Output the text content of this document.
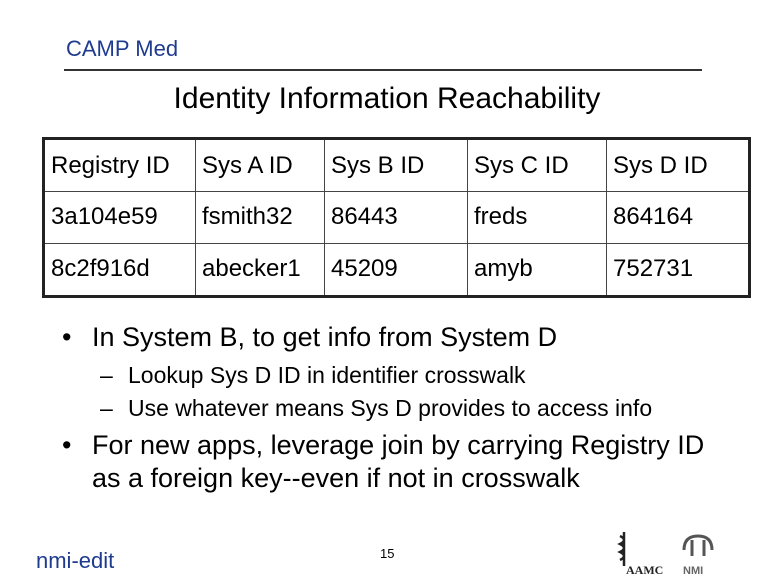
CAMP Med
Identity Information Reachability
Registry ID	Sys A ID	Sys B ID	Sys C ID	Sys D ID
3a104e59	fsmith32	86443	freds	864164
8c2f916d	abecker1	45209	amyb	752731
• In System B, to get info from System D
– Lookup Sys D ID in identifier crosswalk
– Use whatever means Sys D provides to access info
• For new apps, leverage join by carrying Registry ID as a foreign key--even if not in crosswalk
nmi-edit	15
AAMC NMI
